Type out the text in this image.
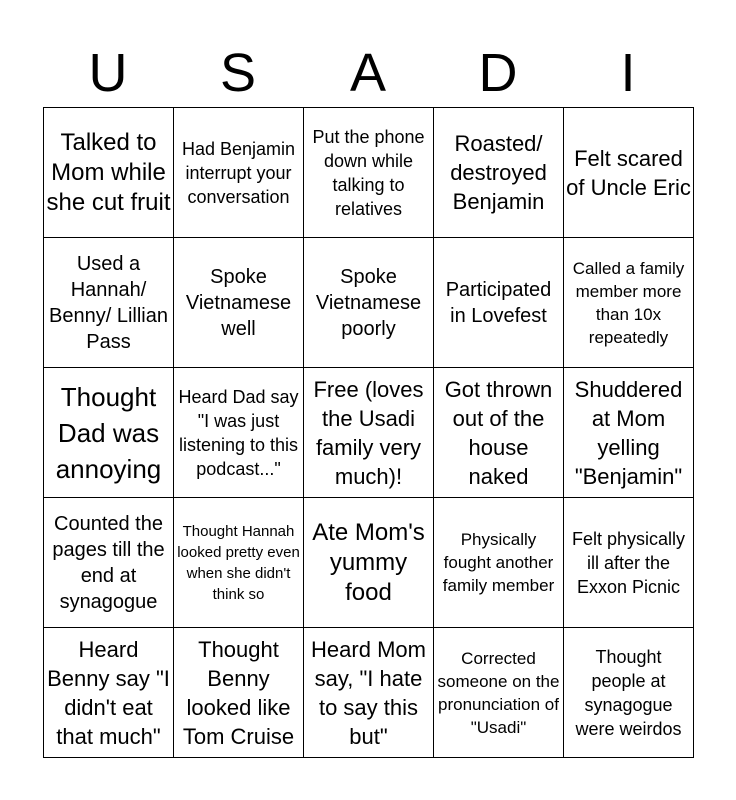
U	S	A	D	I
Talked to Mom while she cut fruit	Had Benjamin interrupt your conversation	Put the phone down while talking to relatives	Roasted/ destroyed Benjamin	Felt scared of Uncle Eric
Used a Hannah/ Benny/ Lillian Pass	Spoke Vietnamese well	Spoke Vietnamese poorly	Participated in Lovefest	Called a family member more than 10x repeatedly
Thought Dad was annoying	Heard Dad say "I was just listening to this podcast..."	Free (loves the Usadi family very much)!	Got thrown out of the house naked	Shuddered at Mom yelling "Benjamin"
Counted the pages till the end at synagogue	Thought Hannah looked pretty even when she didn't think so	Ate Mom's yummy food	Physically fought another family member	Felt physically ill after the Exxon Picnic
Heard Benny say "I didn't eat that much"	Thought Benny looked like Tom Cruise	Heard Mom say, "I hate to say this but"	Corrected someone on the pronunciation of "Usadi"	Thought people at synagogue were weirdos
